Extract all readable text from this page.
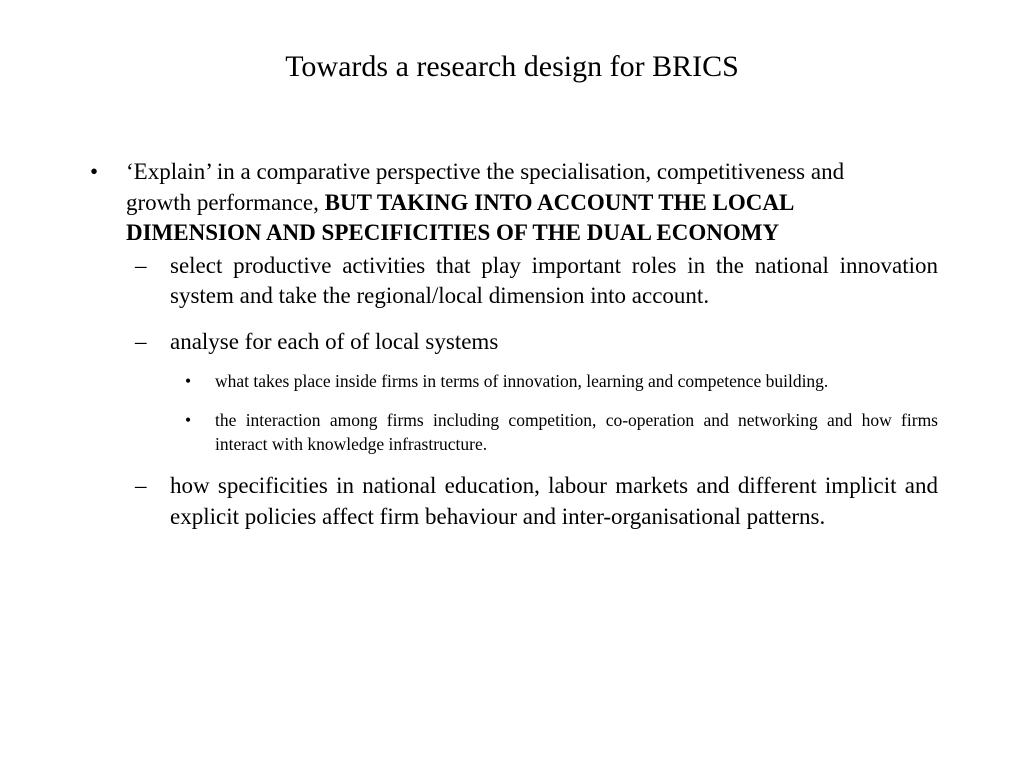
Towards a research design for BRICS
• ‘Explain’ in a comparative perspective the specialisation, competitiveness and growth performance, BUT TAKING INTO ACCOUNT THE LOCAL DIMENSION AND SPECIFICITIES OF THE DUAL ECONOMY
– select productive activities that play important roles in the national innovation system and take the regional/local dimension into account.
– analyse for each of of local systems
• what takes place inside firms in terms of innovation, learning and competence building.
• the interaction among firms including competition, co-operation and networking and how firms interact with knowledge infrastructure.
– how specificities in national education, labour markets and different implicit and explicit policies affect firm behaviour and inter-organisational patterns.
